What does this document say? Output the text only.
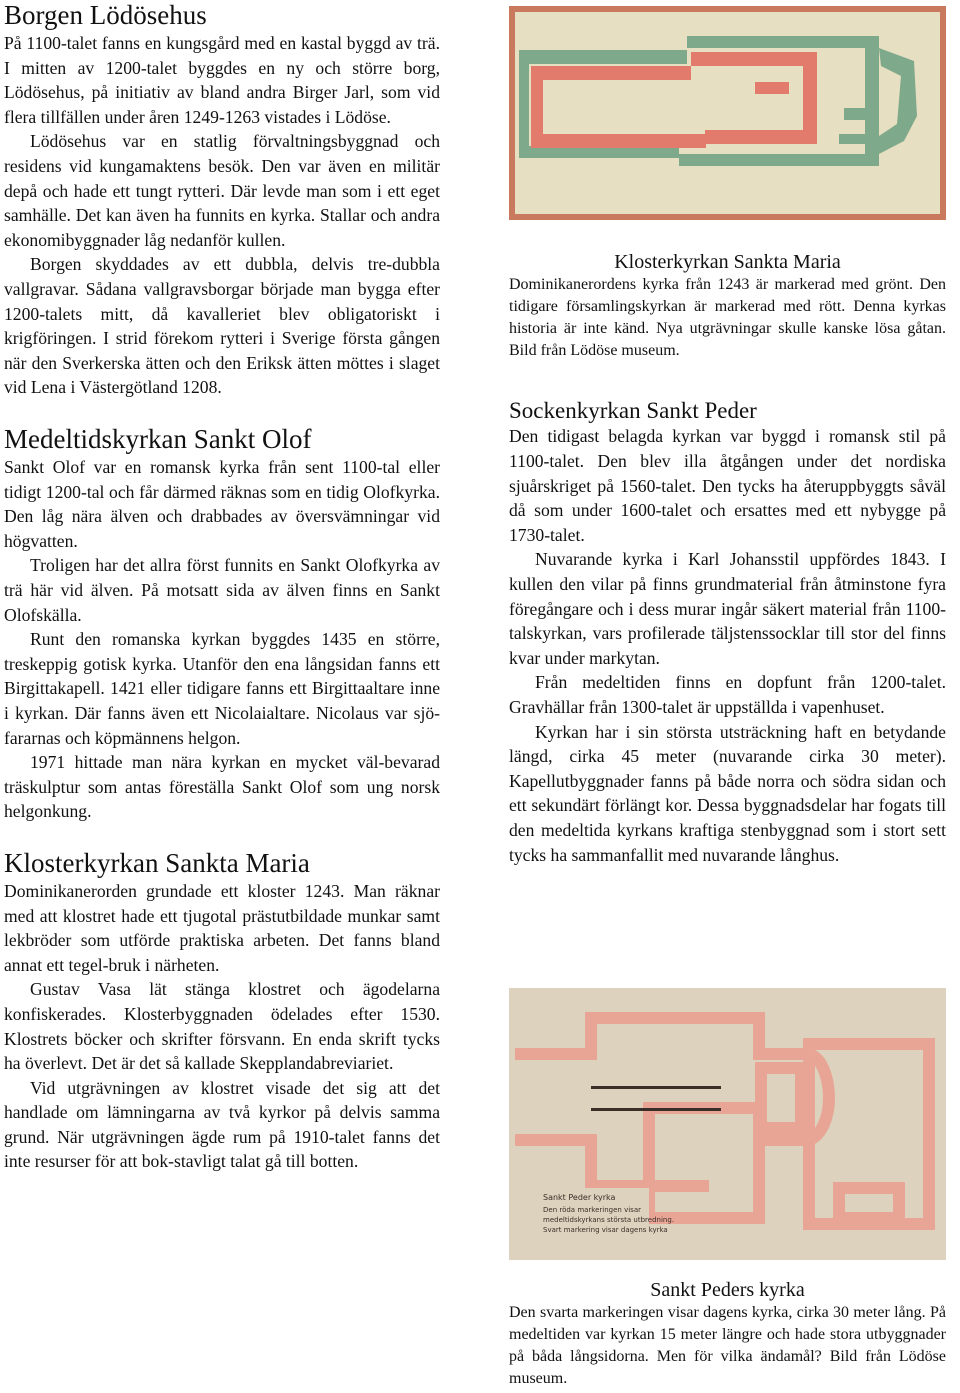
Borgen Lödösehus

På 1100-talet fanns en kungsgård med en kastal byggd av trä. I mitten av 1200-talet byggdes en ny och större borg, Lödösehus, på initiativ av bland andra Birger Jarl, som vid flera tillfällen under åren 1249-1263 vistades i Lödöse.

Lödösehus var en statlig förvaltningsbyggnad och residens vid kungamaktens besök. Den var även en militär depå och hade ett tungt rytteri. Där levde man som i ett eget samhälle. Det kan även ha funnits en kyrka. Stallar och andra ekonomibyggnader låg nedanför kullen.

Borgen skyddades av ett dubbla, delvis tre-dubbla vallgravar. Sådana vallgravsborgar började man bygga efter 1200-talets mitt, då kavalleriet blev obligatoriskt i krigföringen. I strid förekom rytteri i Sverige första gången när den Sverkerska ätten och den Eriksk ätten möttes i slaget vid Lena i Västergötland 1208.

Medeltidskyrkan Sankt Olof

Sankt Olof var en romansk kyrka från sent 1100-tal eller tidigt 1200-tal och får därmed räknas som en tidig Olofkyrka. Den låg nära älven och drabbades av översvämningar vid högvatten.

Troligen har det allra först funnits en Sankt Olofkyrka av trä här vid älven. På motsatt sida av älven finns en Sankt Olofskälla.

Runt den romanska kyrkan byggdes 1435 en större, treskeppig gotisk kyrka. Utanför den ena långsidan fanns ett Birgittakapell. 1421 eller tidigare fanns ett Birgittaaltare inne i kyrkan. Där fanns även ett Nicolaialtare. Nicolaus var sjö-fararnas och köpmännens helgon.

1971 hittade man nära kyrkan en mycket väl-bevarad träskulptur som antas föreställa Sankt Olof som ung norsk helgonkung.

Klosterkyrkan Sankta Maria

Dominikanerorden grundade ett kloster 1243. Man räknar med att klostret hade ett tjugotal prästutbildade munkar samt lekbröder som utförde praktiska arbeten. Det fanns bland annat ett tegel-bruk i närheten.

Gustav Vasa lät stänga klostret och ägodelarna konfiskerades. Klosterbyggnaden ödelades efter 1530. Klostrets böcker och skrifter försvann. En enda skrift tycks ha överlevt. Det är det så kallade Skepplandabreviariet.

Vid utgrävningen av klostret visade det sig att det handlade om lämningarna av två kyrkor på delvis samma grund. När utgrävningen ägde rum på 1910-talet fanns det inte resurser för att bok-stavligt talat gå till botten.

Klosterkyrkan Sankta Maria

Dominikanerordens kyrka från 1243 är markerad med grönt. Den tidigare församlingskyrkan är markerad med rött. Denna kyrkas historia är inte känd. Nya utgrävningar skulle kanske lösa gåtan. Bild från Lödöse museum.

Sockenkyrkan Sankt Peder

Den tidigast belagda kyrkan var byggd i romansk stil på 1100-talet. Den blev illa åtgången under det nordiska sjuårskriget på 1560-talet. Den tycks ha återuppbyggts såväl då som under 1600-talet och ersattes med ett nybygge på 1730-talet.

Nuvarande kyrka i Karl Johansstil uppfördes 1843. I kullen den vilar på finns grundmaterial från åtminstone fyra föregångare och i dess murar ingår säkert material från 1100-talskyrkan, vars profilerade täljstenssocklar till stor del finns kvar under markytan.

Från medeltiden finns en dopfunt från 1200-talet. Gravhällar från 1300-talet är uppställda i vapenhuset.

Kyrkan har i sin största utsträckning haft en betydande längd, cirka 45 meter (nuvarande cirka 30 meter). Kapellutbyggnader fanns på både norra och södra sidan och ett sekundärt förlängt kor. Dessa byggnadsdelar har fogats till den medeltida kyrkans kraftiga stenbyggnad som i stort sett tycks ha sammanfallit med nuvarande långhus.

Sankt Peder kyrka
Den röda markeringen visar
medeltidskyrkans största utbredning.
Svart markering visar dagens kyrka
Sankt Peders kyrka

Den svarta markeringen visar dagens kyrka, cirka 30 meter lång. På medeltiden var kyrkan 15 meter längre och hade stora utbyggnader på båda långsidorna. Men för vilka ändamål? Bild från Lödöse museum.
